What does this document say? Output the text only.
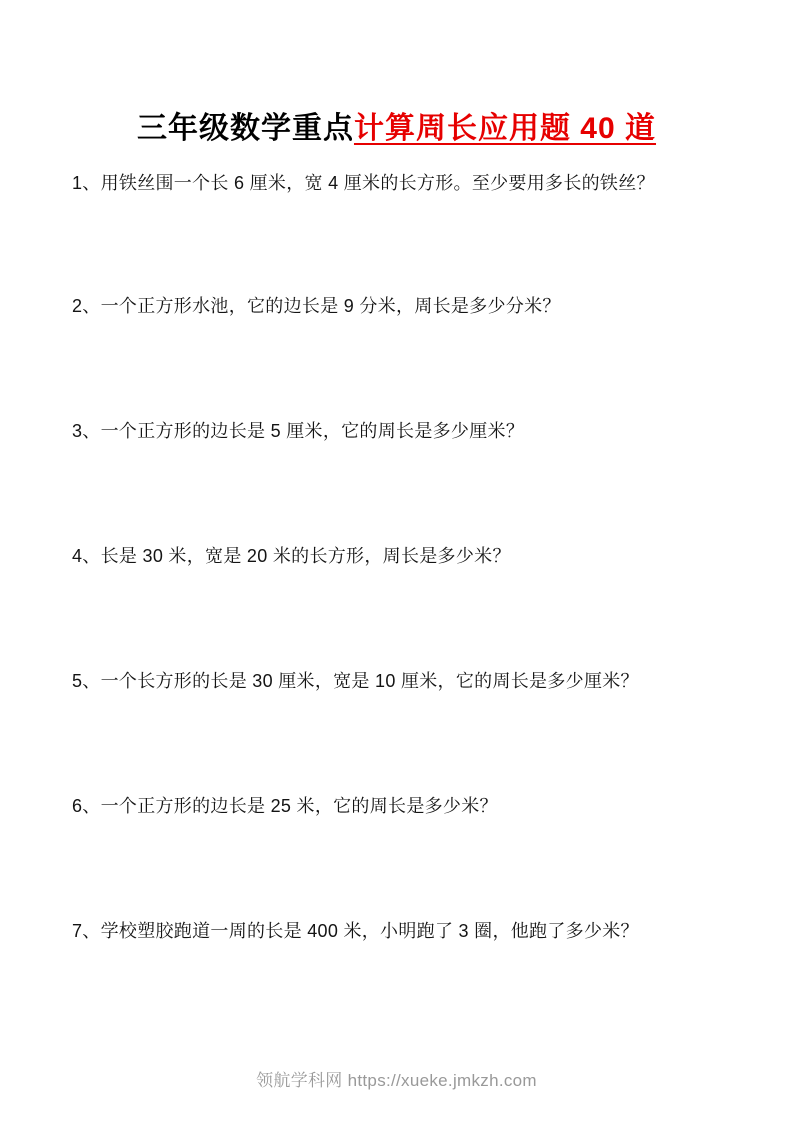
三年级数学重点计算周长应用题 40 道
1、用铁丝围一个长 6 厘米，宽 4 厘米的长方形。至少要用多长的铁丝？
2、一个正方形水池，它的边长是 9 分米，周长是多少分米？
3、一个正方形的边长是 5 厘米，它的周长是多少厘米？
4、长是 30 米，宽是 20 米的长方形，周长是多少米？
5、一个长方形的长是 30 厘米，宽是 10 厘米，它的周长是多少厘米？
6、一个正方形的边长是 25 米，它的周长是多少米？
7、学校塑胶跑道一周的长是 400 米，小明跑了 3 圈，他跑了多少米？
领航学科网 https://xueke.jmkzh.com
